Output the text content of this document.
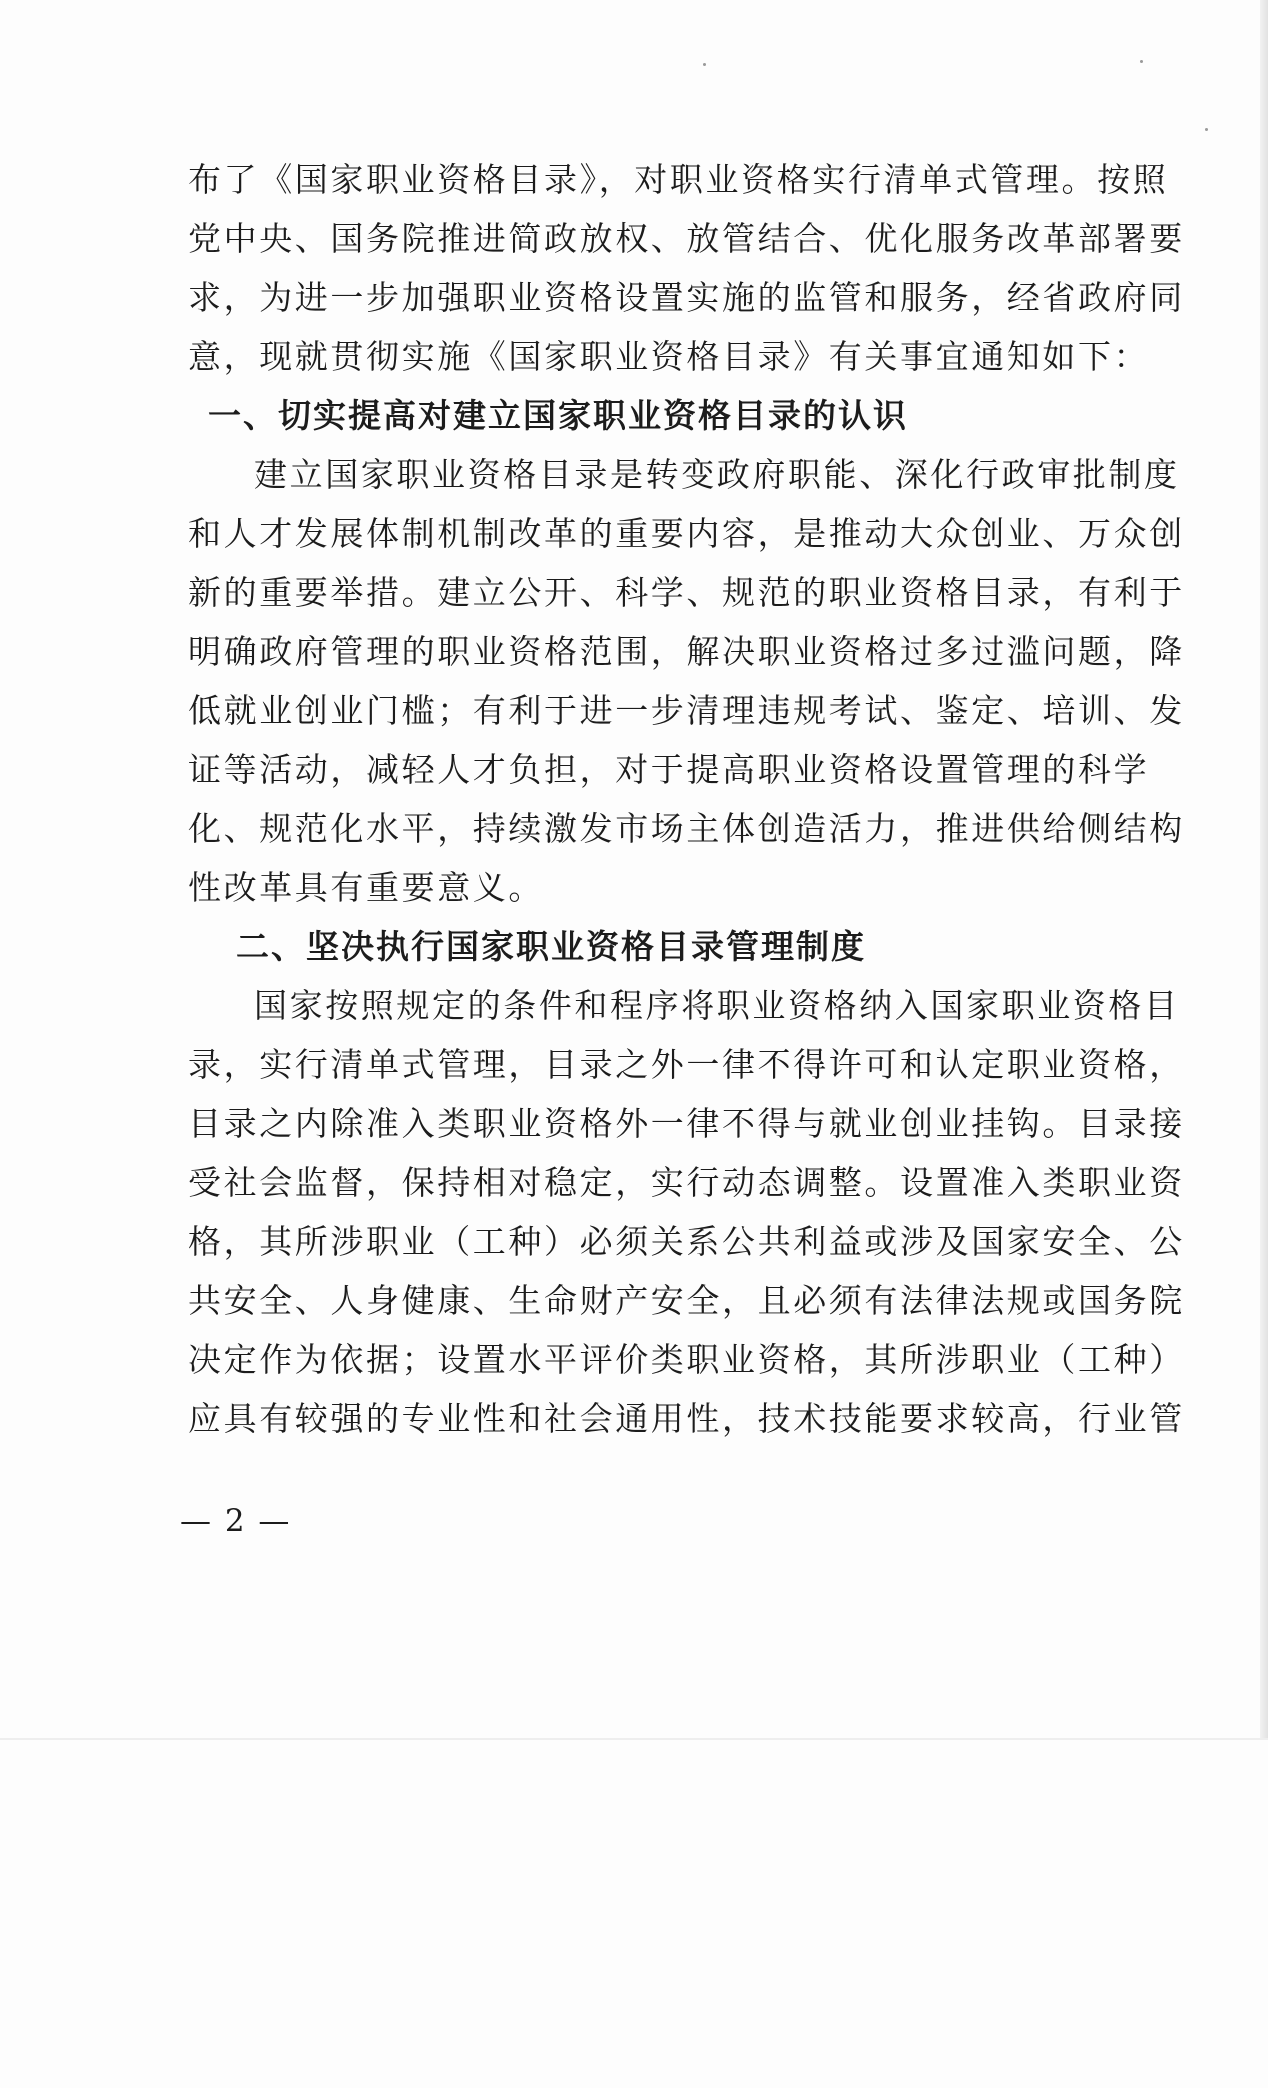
布了《国家职业资格目录》，对职业资格实行清单式管理。按照
党中央、国务院推进简政放权、放管结合、优化服务改革部署要
求，为进一步加强职业资格设置实施的监管和服务，经省政府同
意，现就贯彻实施《国家职业资格目录》有关事宜通知如下：
一、切实提高对建立国家职业资格目录的认识
建立国家职业资格目录是转变政府职能、深化行政审批制度
和人才发展体制机制改革的重要内容，是推动大众创业、万众创
新的重要举措。建立公开、科学、规范的职业资格目录，有利于
明确政府管理的职业资格范围，解决职业资格过多过滥问题，降
低就业创业门槛；有利于进一步清理违规考试、鉴定、培训、发
证等活动，减轻人才负担，对于提高职业资格设置管理的科学
化、规范化水平，持续激发市场主体创造活力，推进供给侧结构
性改革具有重要意义。
二、坚决执行国家职业资格目录管理制度
国家按照规定的条件和程序将职业资格纳入国家职业资格目
录，实行清单式管理，目录之外一律不得许可和认定职业资格，
目录之内除准入类职业资格外一律不得与就业创业挂钩。目录接
受社会监督，保持相对稳定，实行动态调整。设置准入类职业资
格，其所涉职业（工种）必须关系公共利益或涉及国家安全、公
共安全、人身健康、生命财产安全，且必须有法律法规或国务院
决定作为依据；设置水平评价类职业资格，其所涉职业（工种）
应具有较强的专业性和社会通用性，技术技能要求较高，行业管
— 2 —
